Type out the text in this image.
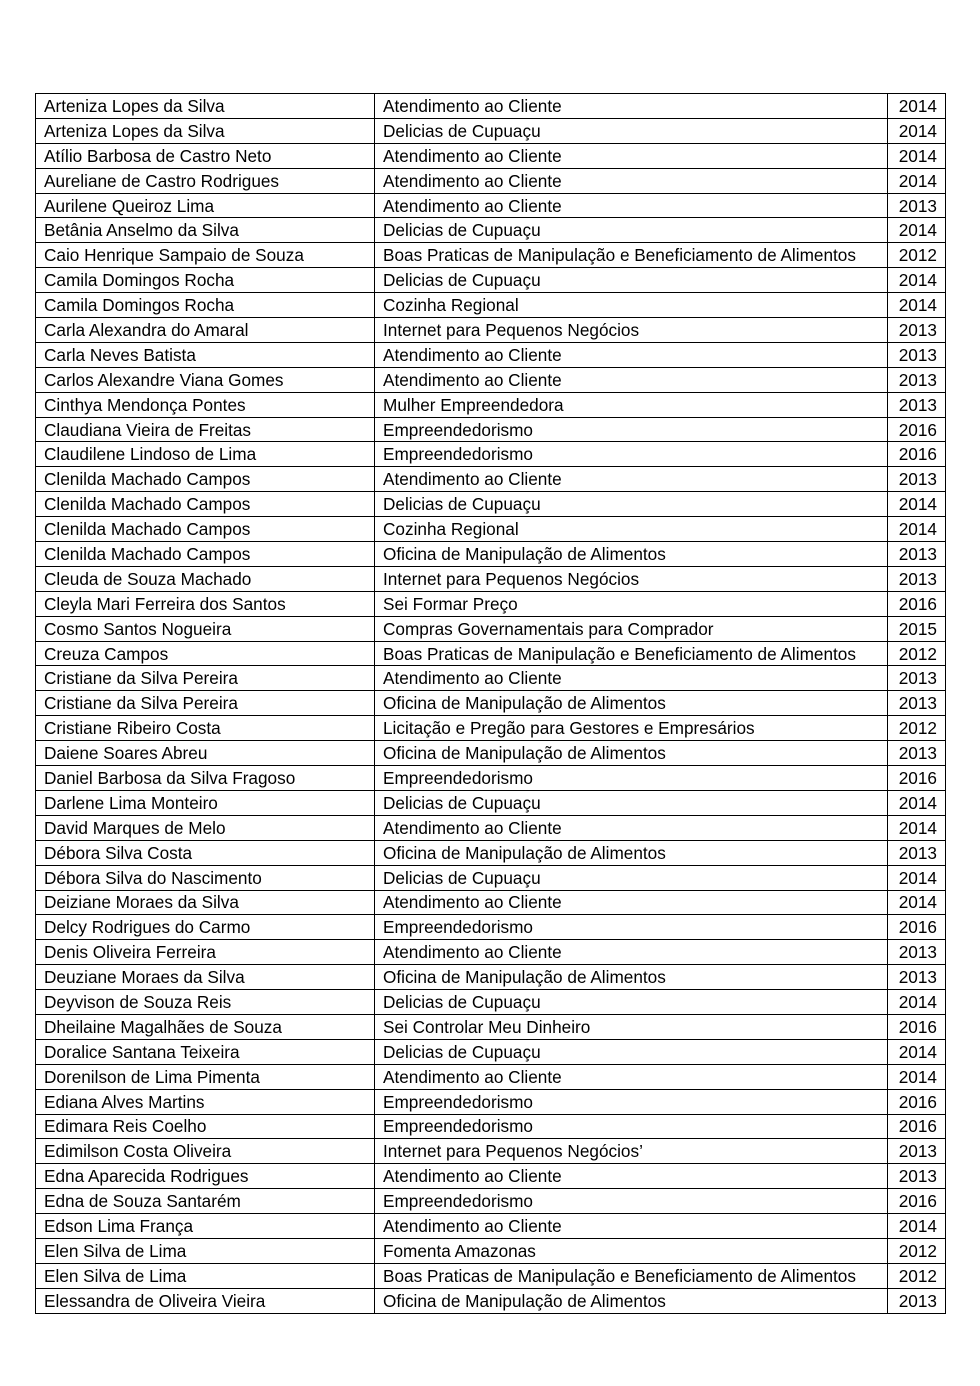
Arteniza Lopes da Silva	Atendimento ao Cliente	2014
Arteniza Lopes da Silva	Delicias de Cupuaçu	2014
Atílio Barbosa de Castro Neto	Atendimento ao Cliente	2014
Aureliane de Castro Rodrigues	Atendimento ao Cliente	2014
Aurilene Queiroz Lima	Atendimento ao Cliente	2013
Betânia Anselmo da Silva	Delicias de Cupuaçu	2014
Caio Henrique Sampaio de Souza	Boas Praticas de Manipulação e Beneficiamento de Alimentos	2012
Camila Domingos Rocha	Delicias de Cupuaçu	2014
Camila Domingos Rocha	Cozinha Regional	2014
Carla Alexandra do Amaral	Internet para Pequenos Negócios	2013
Carla Neves Batista	Atendimento ao Cliente	2013
Carlos Alexandre Viana Gomes	Atendimento ao Cliente	2013
Cinthya Mendonça Pontes	Mulher Empreendedora	2013
Claudiana Vieira de Freitas	Empreendedorismo	2016
Claudilene Lindoso de Lima	Empreendedorismo	2016
Clenilda Machado Campos	Atendimento ao Cliente	2013
Clenilda Machado Campos	Delicias de Cupuaçu	2014
Clenilda Machado Campos	Cozinha Regional	2014
Clenilda Machado Campos	Oficina de Manipulação de Alimentos	2013
Cleuda de Souza Machado	Internet para Pequenos Negócios	2013
Cleyla Mari Ferreira dos Santos	Sei Formar Preço	2016
Cosmo Santos Nogueira	Compras Governamentais para Comprador	2015
Creuza Campos	Boas Praticas de Manipulação e Beneficiamento de Alimentos	2012
Cristiane da Silva Pereira	Atendimento ao Cliente	2013
Cristiane da Silva Pereira	Oficina de Manipulação de Alimentos	2013
Cristiane Ribeiro Costa	Licitação e Pregão para Gestores e Empresários	2012
Daiene Soares Abreu	Oficina de Manipulação de Alimentos	2013
Daniel Barbosa da Silva Fragoso	Empreendedorismo	2016
Darlene Lima Monteiro	Delicias de Cupuaçu	2014
David Marques de Melo	Atendimento ao Cliente	2014
Débora Silva Costa	Oficina de Manipulação de Alimentos	2013
Débora Silva do Nascimento	Delicias de Cupuaçu	2014
Deiziane Moraes da Silva	Atendimento ao Cliente	2014
Delcy Rodrigues do Carmo	Empreendedorismo	2016
Denis Oliveira Ferreira	Atendimento ao Cliente	2013
Deuziane Moraes da Silva	Oficina de Manipulação de Alimentos	2013
Deyvison de Souza Reis	Delicias de Cupuaçu	2014
Dheilaine Magalhães de Souza	Sei Controlar Meu Dinheiro	2016
Doralice Santana Teixeira	Delicias de Cupuaçu	2014
Dorenilson de Lima Pimenta	Atendimento ao Cliente	2014
Ediana Alves Martins	Empreendedorismo	2016
Edimara Reis Coelho	Empreendedorismo	2016
Edimilson Costa Oliveira	Internet para Pequenos Negócios’	2013
Edna Aparecida Rodrigues	Atendimento ao Cliente	2013
Edna de Souza Santarém	Empreendedorismo	2016
Edson Lima França	Atendimento ao Cliente	2014
Elen Silva de Lima	Fomenta Amazonas	2012
Elen Silva de Lima	Boas Praticas de Manipulação e Beneficiamento de Alimentos	2012
Elessandra de Oliveira Vieira	Oficina de Manipulação de Alimentos	2013
